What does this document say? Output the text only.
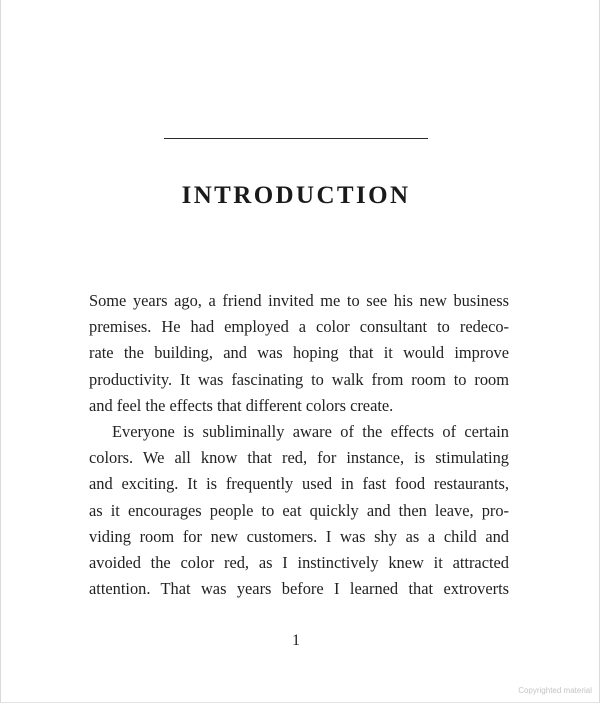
INTRODUCTION
Some years ago, a friend invited me to see his new business
premises. He had employed a color consultant to redeco-
rate the building, and was hoping that it would improve
productivity. It was fascinating to walk from room to room
and feel the effects that different colors create.
Everyone is subliminally aware of the effects of certain
colors. We all know that red, for instance, is stimulating
and exciting. It is frequently used in fast food restaurants,
as it encourages people to eat quickly and then leave, pro-
viding room for new customers. I was shy as a child and
avoided the color red, as I instinctively knew it attracted
attention. That was years before I learned that extroverts
1
Copyrighted material
